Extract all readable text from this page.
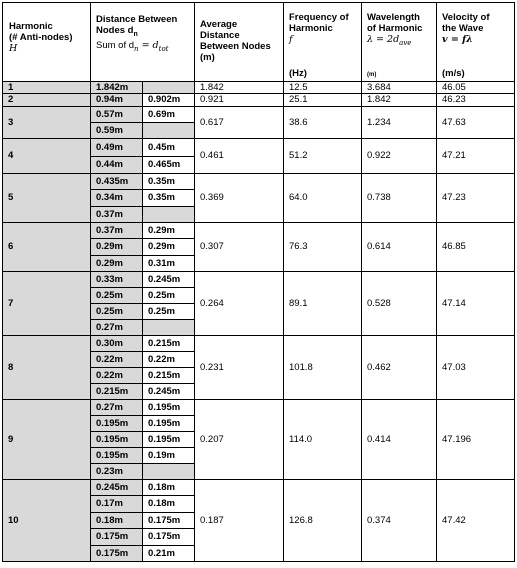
Harmonic
(# Anti-nodes)
H
Distance Between
Nodes $d_n$
Sum of $d_n = d_{tot}$
Average
Distance
Between Nodes
(m)
Frequency of
Harmonic
f
(Hz)
Wavelength
of Harmonic
$\lambda = 2d_{ave}$
(m)
Velocity of
the Wave
v = fλ
(m/s)
1	1.842m	1.842	12.5	3.684	46.05
2	0.94m	0.902m 0.921	25.1	1.842	46.23
3
0.57m	0.69m
0.59m
0.617	38.6	1.234	47.63
4
0.49m	0.45m
0.44m	0.465m
0.461	51.2	0.922	47.21
5
0.435m 0.35m
0.34m	0.35m
0.37m
0.369	64.0	0.738	47.23
6
0.37m	0.29m
0.29m	0.29m
0.29m	0.31m
0.307	76.3	0.614	46.85
7
0.33m	0.245m
0.25m	0.25m
0.25m	0.25m
0.27m
0.264	89.1	0.528	47.14
8
0.30m	0.215m
0.22m	0.22m
0.22m	0.215m
0.215m 0.245m
0.231	101.8	0.462	47.03
9
0.27m	0.195m
0.195m 0.195m
0.195m 0.195m
0.195m 0.19m
0.23m
0.207	114.0	0.414	47.196
10
0.245m 0.18m
0.17m	0.18m
0.18m	0.175m
0.175m 0.175m
0.175m 0.21m
0.187	126.8	0.374	47.42
